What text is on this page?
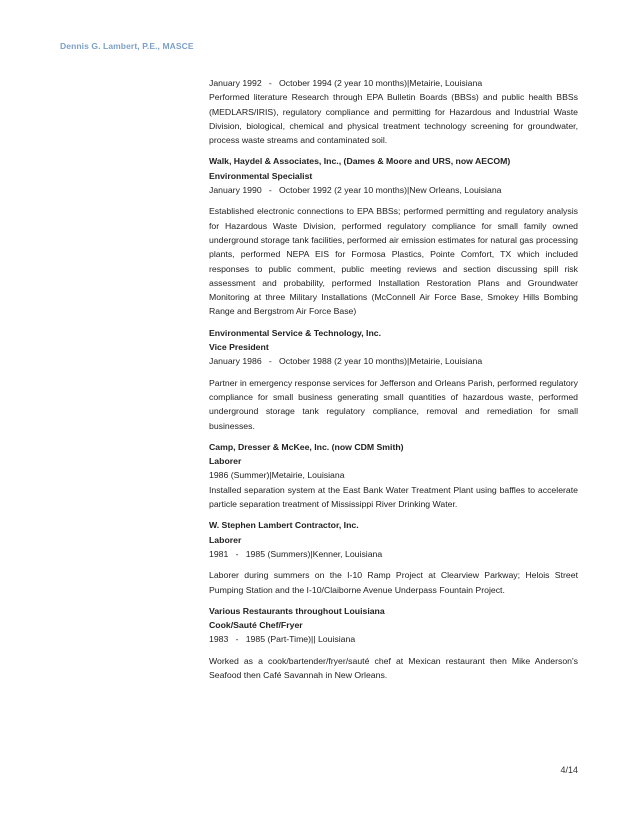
Dennis G. Lambert, P.E., MASCE
January 1992   -   October 1994 (2 year 10 months)|Metairie, Louisiana
Performed literature Research through EPA Bulletin Boards (BBSs) and public health BBSs (MEDLARS/IRIS), regulatory compliance and permitting for Hazardous and Industrial Waste Division, biological, chemical and physical treatment technology screening for groundwater, process waste streams and contaminated soil.
Walk, Haydel & Associates, Inc., (Dames & Moore and URS, now AECOM)
Environmental Specialist
January 1990   -   October 1992 (2 year 10 months)|New Orleans, Louisiana
Established electronic connections to EPA BBSs; performed permitting and regulatory analysis for Hazardous Waste Division, performed regulatory compliance for small family owned underground storage tank facilities, performed air emission estimates for natural gas processing plants, performed NEPA EIS for Formosa Plastics, Pointe Comfort, TX which included responses to public comment, public meeting reviews and section discussing spill risk assessment and probability, performed Installation Restoration Plans and Groundwater Monitoring at three Military Installations (McConnell Air Force Base, Smokey Hills Bombing Range and Bergstrom Air Force Base)
Environmental Service & Technology, Inc.
Vice President
January 1986   -   October 1988 (2 year 10 months)|Metairie, Louisiana
Partner in emergency response services for Jefferson and Orleans Parish, performed regulatory compliance for small business generating small quantities of hazardous waste, performed underground storage tank regulatory compliance, removal and remediation for small businesses.
Camp, Dresser & McKee, Inc. (now CDM Smith)
Laborer
1986 (Summer)|Metairie, Louisiana
Installed separation system at the East Bank Water Treatment Plant using baffles to accelerate particle separation treatment of Mississippi River Drinking Water.
W. Stephen Lambert Contractor, Inc.
Laborer
1981   -   1985 (Summers)|Kenner, Louisiana
Laborer during summers on the I-10 Ramp Project at Clearview Parkway; Helois Street Pumping Station and the I-10/Claiborne Avenue Underpass Fountain Project.
Various Restaurants throughout Louisiana
Cook/Sauté Chef/Fryer
1983   -   1985 (Part-Time)|| Louisiana
Worked as a cook/bartender/fryer/sauté chef at Mexican restaurant then Mike Anderson's Seafood then Café Savannah in New Orleans.
4/14
